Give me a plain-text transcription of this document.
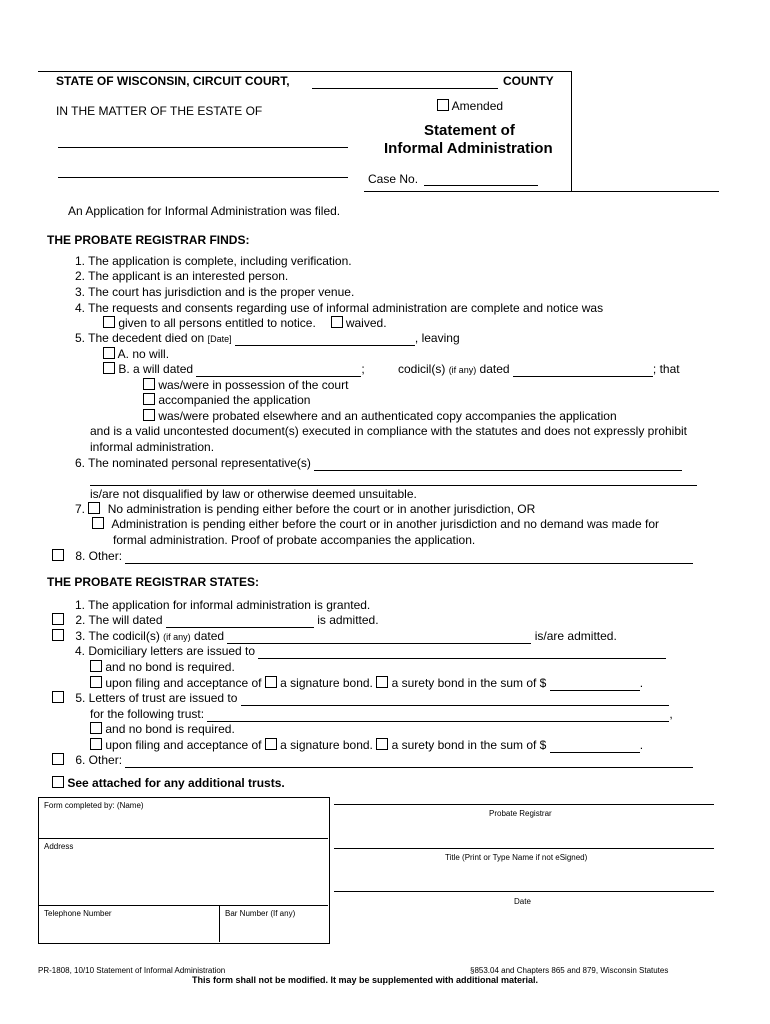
STATE OF WISCONSIN, CIRCUIT COURT,	COUNTY
IN THE MATTER OF THE ESTATE OF	Amended
Statement of
Informal Administration
Case No.
An Application for Informal Administration was filed.
THE PROBATE REGISTRAR FINDS:
1. The application is complete, including verification.
2. The applicant is an interested person.
3. The court has jurisdiction and is the proper venue.
4. The requests and consents regarding use of informal administration are complete and notice was
given to all persons entitled to notice.	waived.
5. The decedent died on [Date]	, leaving
A. no will.
B. a will dated	;	codicil(s) (if any) dated	; that
was/were in possession of the court
accompanied the application
was/were probated elsewhere and an authenticated copy accompanies the application
and is a valid uncontested document(s) executed in compliance with the statutes and does not expressly prohibit
informal administration.
6. The nominated personal representative(s)
is/are not disqualified by law or otherwise deemed unsuitable.
7. No administration is pending either before the court or in another jurisdiction, OR
Administration is pending either before the court or in another jurisdiction and no demand was made for
formal administration. Proof of probate accompanies the application.
8. Other:
THE PROBATE REGISTRAR STATES:
1. The application for informal administration is granted.
2. The will dated	is admitted.
3. The codicil(s) (if any) dated	is/are admitted.
4. Domiciliary letters are issued to
and no bond is required.
upon filing and acceptance of a signature bond. a surety bond in the sum of $	.
5. Letters of trust are issued to
for the following trust:	,
and no bond is required.
upon filing and acceptance of a signature bond. a surety bond in the sum of $	.
6. Other:
See attached for any additional trusts.
Form completed by: (Name)
Address
Telephone Number	Bar Number (If any)
Probate Registrar
Title (Print or Type Name if not eSigned)
Date
PR-1808, 10/10 Statement of Informal Administration	§853.04 and Chapters 865 and 879, Wisconsin Statutes
This form shall not be modified. It may be supplemented with additional material.
